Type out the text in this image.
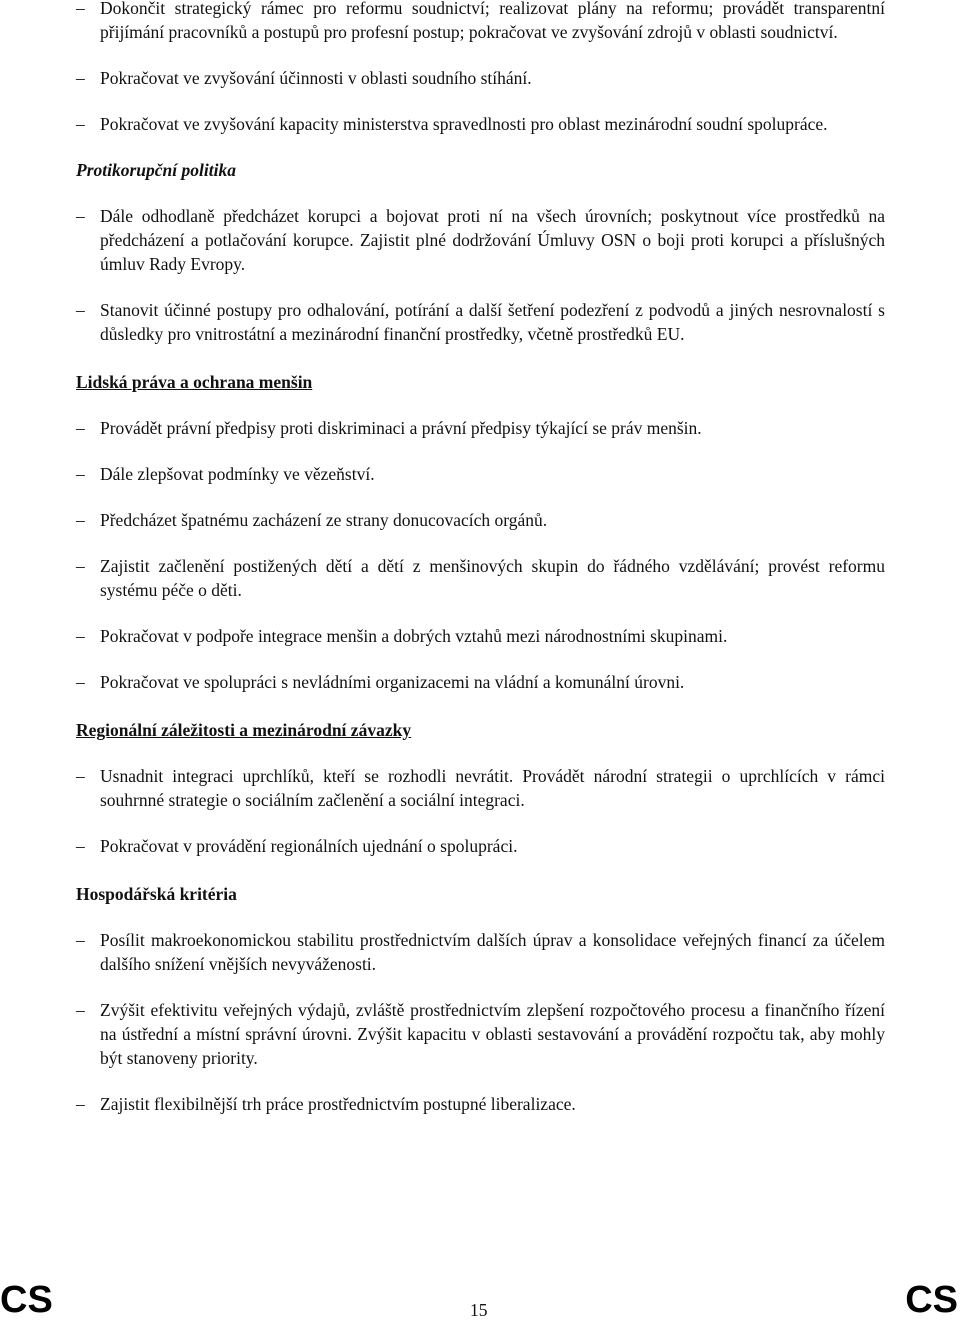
– Dokončit strategický rámec pro reformu soudnictví; realizovat plány na reformu; provádět transparentní přijímání pracovníků a postupů pro profesní postup; pokračovat ve zvyšování zdrojů v oblasti soudnictví.
– Pokračovat ve zvyšování účinnosti v oblasti soudního stíhání.
– Pokračovat ve zvyšování kapacity ministerstva spravedlnosti pro oblast mezinárodní soudní spolupráce.
Protikorupční politika
– Dále odhodlaně předcházet korupci a bojovat proti ní na všech úrovních; poskytnout více prostředků na předcházení a potlačování korupce. Zajistit plné dodržování Úmluvy OSN o boji proti korupci a příslušných úmluv Rady Evropy.
– Stanovit účinné postupy pro odhalování, potírání a další šetření podezření z podvodů a jiných nesrovnalostí s důsledky pro vnitrostátní a mezinárodní finanční prostředky, včetně prostředků EU.
Lidská práva a ochrana menšin
– Provádět právní předpisy proti diskriminaci a právní předpisy týkající se práv menšin.
– Dále zlepšovat podmínky ve vězeňství.
– Předcházet špatnému zacházení ze strany donucovacích orgánů.
– Zajistit začlenění postižených dětí a dětí z menšinových skupin do řádného vzdělávání; provést reformu systému péče o děti.
– Pokračovat v podpoře integrace menšin a dobrých vztahů mezi národnostními skupinami.
– Pokračovat ve spolupráci s nevládními organizacemi na vládní a komunální úrovni.
Regionální záležitosti a mezinárodní závazky
– Usnadnit integraci uprchlíků, kteří se rozhodli nevrátit. Provádět národní strategii o uprchlících v rámci souhrnné strategie o sociálním začlenění a sociální integraci.
– Pokračovat v provádění regionálních ujednání o spolupráci.
Hospodářská kritéria
– Posílit makroekonomickou stabilitu prostřednictvím dalších úprav a konsolidace veřejných financí za účelem dalšího snížení vnějších nevyváženosti.
– Zvýšit efektivitu veřejných výdajů, zvláště prostřednictvím zlepšení rozpočtového procesu a finančního řízení na ústřední a místní správní úrovni. Zvýšit kapacitu v oblasti sestavování a provádění rozpočtu tak, aby mohly být stanoveny priority.
– Zajistit flexibilnější trh práce prostřednictvím postupné liberalizace.
CS	15	CS
